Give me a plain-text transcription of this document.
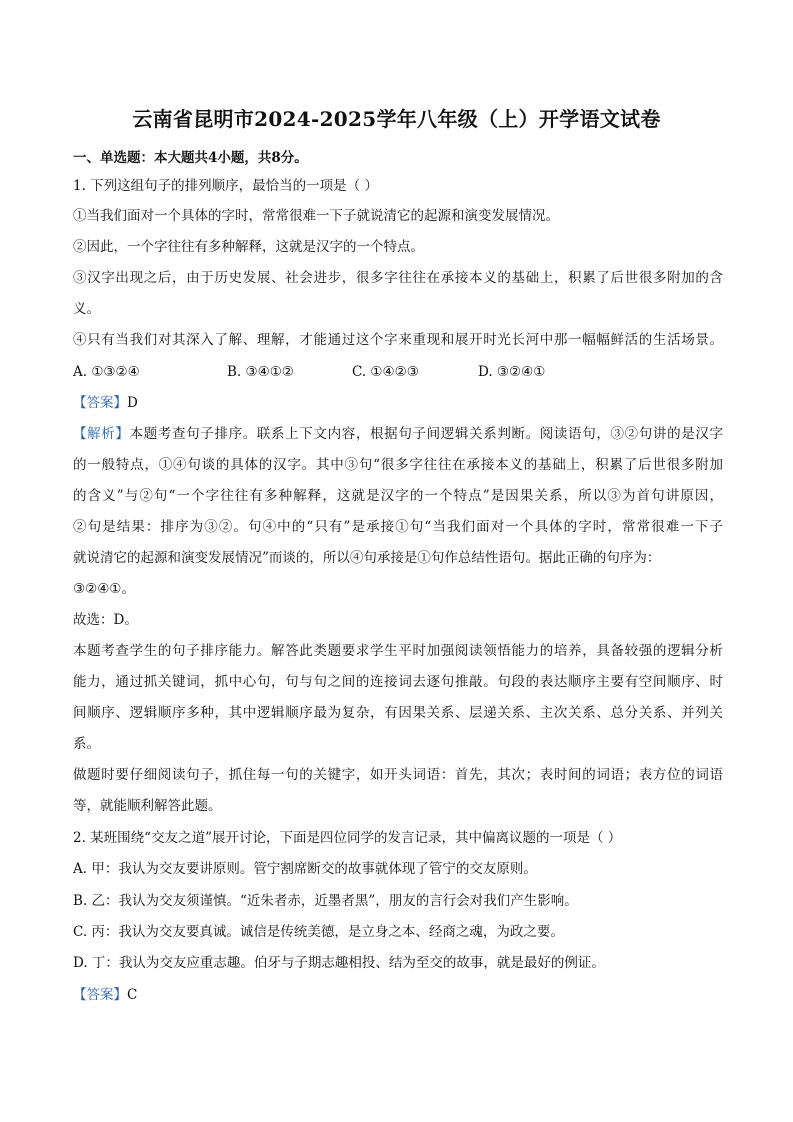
云南省昆明市2024-2025学年八年级（上）开学语文试卷
一、单选题：本大题共4小题，共8分。
1. 下列这组句子的排列顺序，最恰当的一项是（ ）
①当我们面对一个具体的字时，常常很难一下子就说清它的起源和演变发展情况。
②因此，一个字往往有多种解释，这就是汉字的一个特点。
③汉字出现之后，由于历史发展、社会进步，很多字往往在承接本义的基础上，积累了后世很多附加的含
义。
④只有当我们对其深入了解、理解，才能通过这个字来重现和展开时光长河中那一幅幅鲜活的生活场景。
A. ①③②④	B. ③④①②	C. ①④②③	D. ③②④①
【答案】D
【解析】本题考查句子排序。联系上下文内容，根据句子间逻辑关系判断。阅读语句，③②句讲的是汉字
的一般特点，①④句谈的具体的汉字。其中③句“很多字往往在承接本义的基础上，积累了后世很多附加
的含义”与②句“一个字往往有多种解释，这就是汉字的一个特点”是因果关系，所以③为首句讲原因，
②句是结果：排序为③②。句④中的“只有”是承接①句“当我们面对一个具体的字时，常常很难一下子
就说清它的起源和演变发展情况”而谈的，所以④句承接是①句作总结性语句。据此正确的句序为：
③②④①。
故选：D。
本题考查学生的句子排序能力。解答此类题要求学生平时加强阅读领悟能力的培养，具备较强的逻辑分析
能力，通过抓关键词，抓中心句，句与句之间的连接词去逐句推敲。句段的表达顺序主要有空间顺序、时
间顺序、逻辑顺序多种，其中逻辑顺序最为复杂，有因果关系、层递关系、主次关系、总分关系、并列关
系。
做题时要仔细阅读句子，抓住每一句的关键字，如开头词语：首先，其次；表时间的词语；表方位的词语
等，就能顺利解答此题。
2. 某班围绕“交友之道”展开讨论，下面是四位同学的发言记录，其中偏离议题的一项是（ ）
A. 甲：我认为交友要讲原则。管宁割席断交的故事就体现了管宁的交友原则。
B. 乙：我认为交友须谨慎。“近朱者赤，近墨者黑”，朋友的言行会对我们产生影响。
C. 丙：我认为交友要真诚。诚信是传统美德，是立身之本、经商之魂，为政之要。
D. 丁：我认为交友应重志趣。伯牙与子期志趣相投、结为至交的故事，就是最好的例证。
【答案】C
